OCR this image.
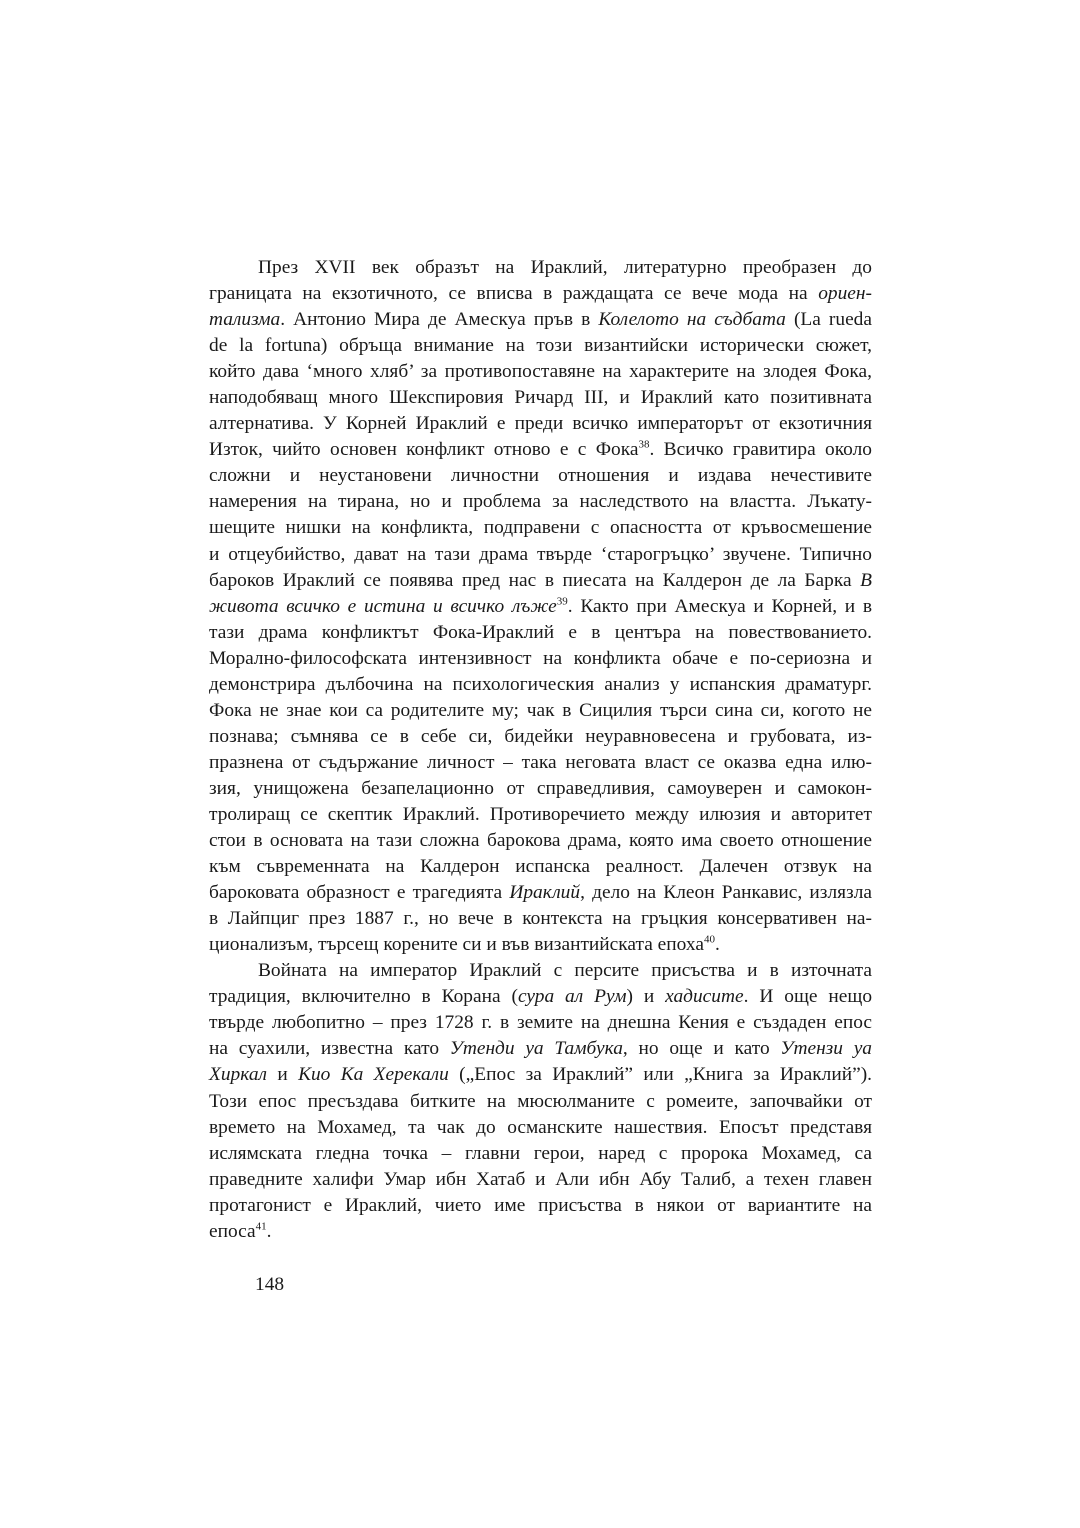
През XVII век образът на Ираклий, литературно преобразен до
границата на екзотичното, се вписва в раждащата се вече мода на ориен-
тализма. Антонио Мира де Амескуа пръв в Колелото на съдбата (La rueda
de la fortuna) обръща внимание на този византийски исторически сюжет,
който дава ‘много хляб’ за противопоставяне на характерите на злодея Фока,
наподобяващ много Шекспировия Ричард III, и Ираклий като позитивната
алтернатива. У Корней Ираклий е преди всичко императорът от екзотичния
Изток, чийто основен конфликт отново е с Фока$^{38}$. Всичко гравитира около
сложни и неустановени личностни отношения и издава нечестивите
намерения на тирана, но и проблема за наследството на властта. Лъкату-
шещите нишки на конфликта, подправени с опасността от кръвосмешение
и отцеубийство, дават на тази драма твърде ‘старогръцко’ звучене. Типично
бароков Ираклий се появява пред нас в пиесата на Калдерон де ла Барка В
живота всичко е истина и всичко лъже$^{39}$. Както при Амескуа и Корней, и в
тази драма конфликтът Фока-Ираклий е в центъра на повествованието.
Морално-философската интензивност на конфликта обаче е по-сериозна и
демонстрира дълбочина на психологическия анализ у испанския драматург.
Фока не знае кои са родителите му; чак в Сицилия търси сина си, когото не
познава; съмнява се в себе си, бидейки неуравновесена и грубовата, из-
празнена от съдържание личност – така неговата власт се оказва една илю-
зия, унищожена безапелационно от справедливия, самоуверен и самокон-
тролиращ се скептик Ираклий. Противоречието между илюзия и авторитет
стои в основата на тази сложна барокова драма, която има своето отношение
към съвременната на Калдерон испанска реалност. Далечен отзвук на
бароковата образност е трагедията Ираклий, дело на Клеон Ранкавис, излязла
в Лайпциг през 1887 г., но вече в контекста на гръцкия консервативен на-
ционализъм, търсещ корените си и във византийската епоха$^{40}$.
Войната на император Ираклий с персите присъства и в източната
традиция, включително в Корана (сура ал Рум) и хадисите. И още нещо
твърде любопитно – през 1728 г. в земите на днешна Кения е създаден епос
на суахили, известна като Утенди уа Тамбука, но още и като Утензи уа
Хиркал и Кио Ка Херекали („Епос за Ираклий” или „Книга за Ираклий”).
Този епос пресъздава битките на мюсюлманите с ромеите, започвайки от
времето на Мохамед, та чак до османските нашествия. Епосът представя
ислямската гледна точка – главни герои, наред с пророка Мохамед, са
праведните халифи Умар ибн Хатаб и Али ибн Абу Талиб, а техен главен
протагонист е Ираклий, чието име присъства в някои от вариантите на
епоса$^{41}$.
148
